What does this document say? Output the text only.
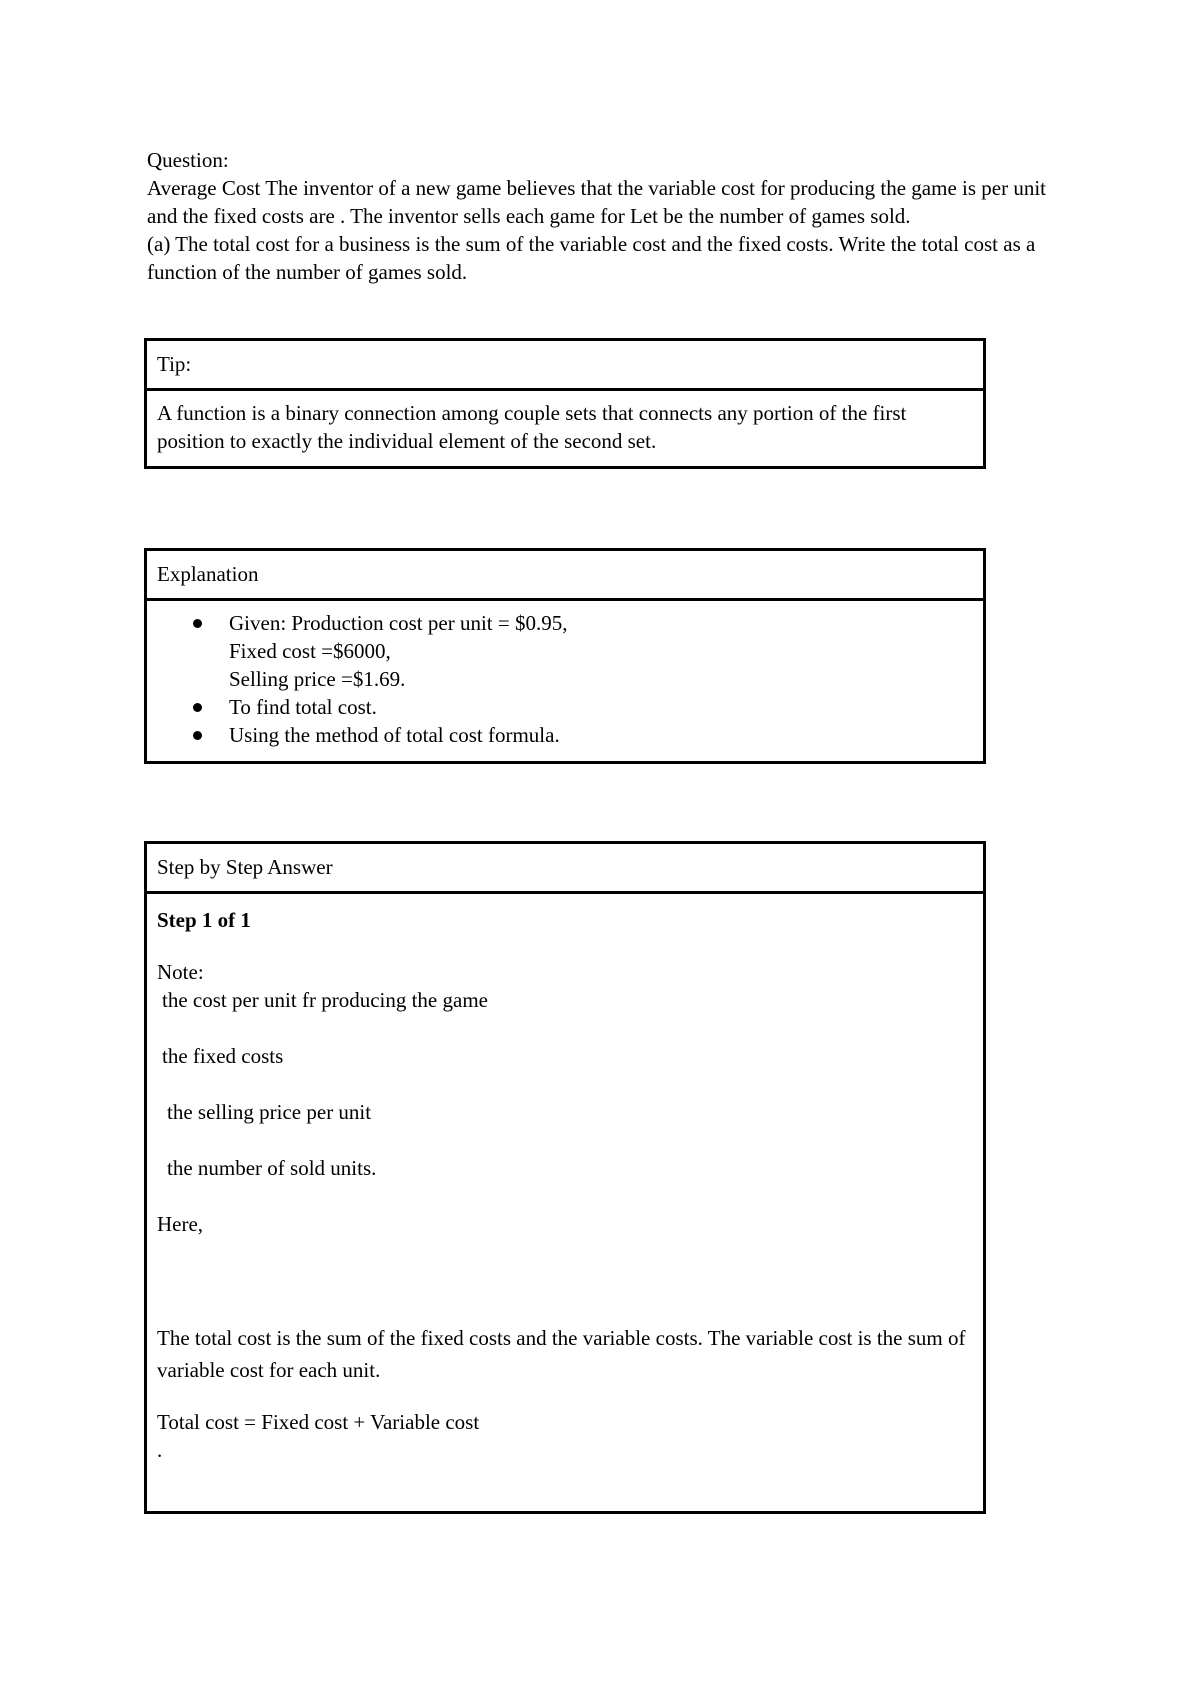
Question:

Average Cost The inventor of a new game believes that the variable cost for producing the game is per unit and the fixed costs are . The inventor sells each game for Let be the number of games sold.

(a) The total cost for a business is the sum of the variable cost and the fixed costs. Write the total cost as a function of the number of games sold.

Tip:
A function is a binary connection among couple sets that connects any portion of the first position to exactly the individual element of the second set.
Explanation
Given: Production cost per unit = $0.95,
Fixed cost =$6000,
Selling price =$1.69.
To find total cost.
Using the method of total cost formula.
Step by Step Answer

Step 1 of 1

Note:
the cost per unit fr producing the game
the fixed costs
the selling price per unit
the number of sold units.
Here,

The total cost is the sum of the fixed costs and the variable costs. The variable cost is the sum of variable cost for each unit.

Total cost = Fixed cost + Variable cost
.
